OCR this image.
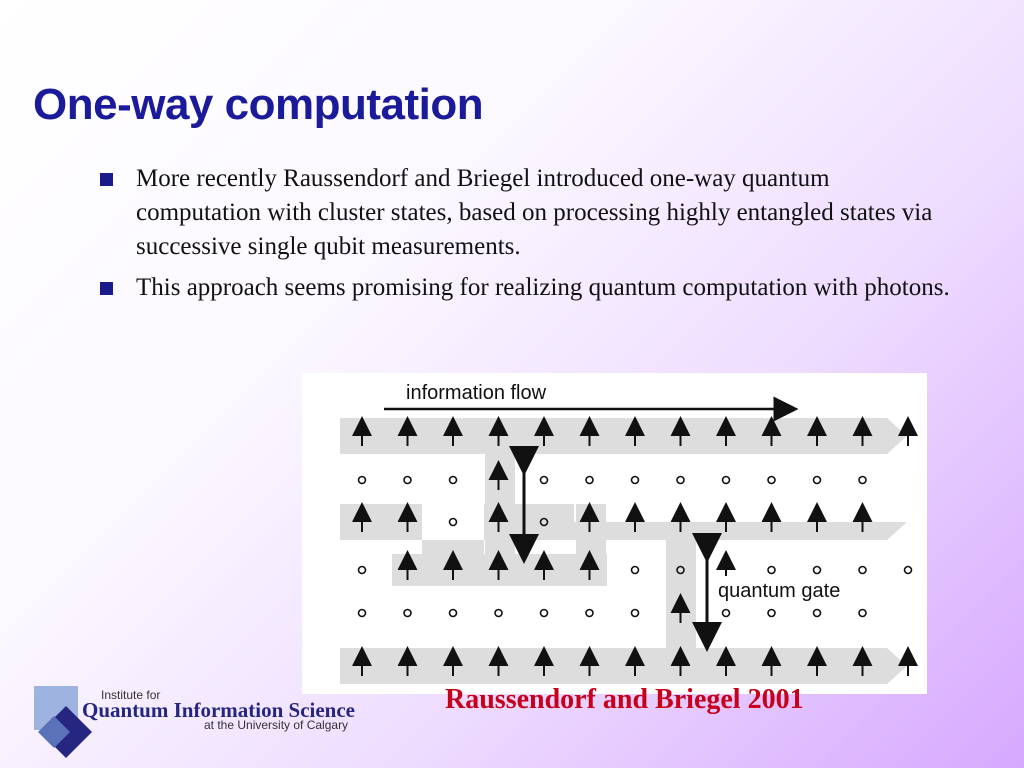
One-way computation
More recently Raussendorf and Briegel introduced one-way quantum computation with cluster states, based on processing highly entangled states via successive single qubit measurements.
This approach seems promising for realizing quantum computation with photons.
information flow
quantum gate
Raussendorf and Briegel 2001
Institute for
Quantum Information Science
at the University of Calgary
